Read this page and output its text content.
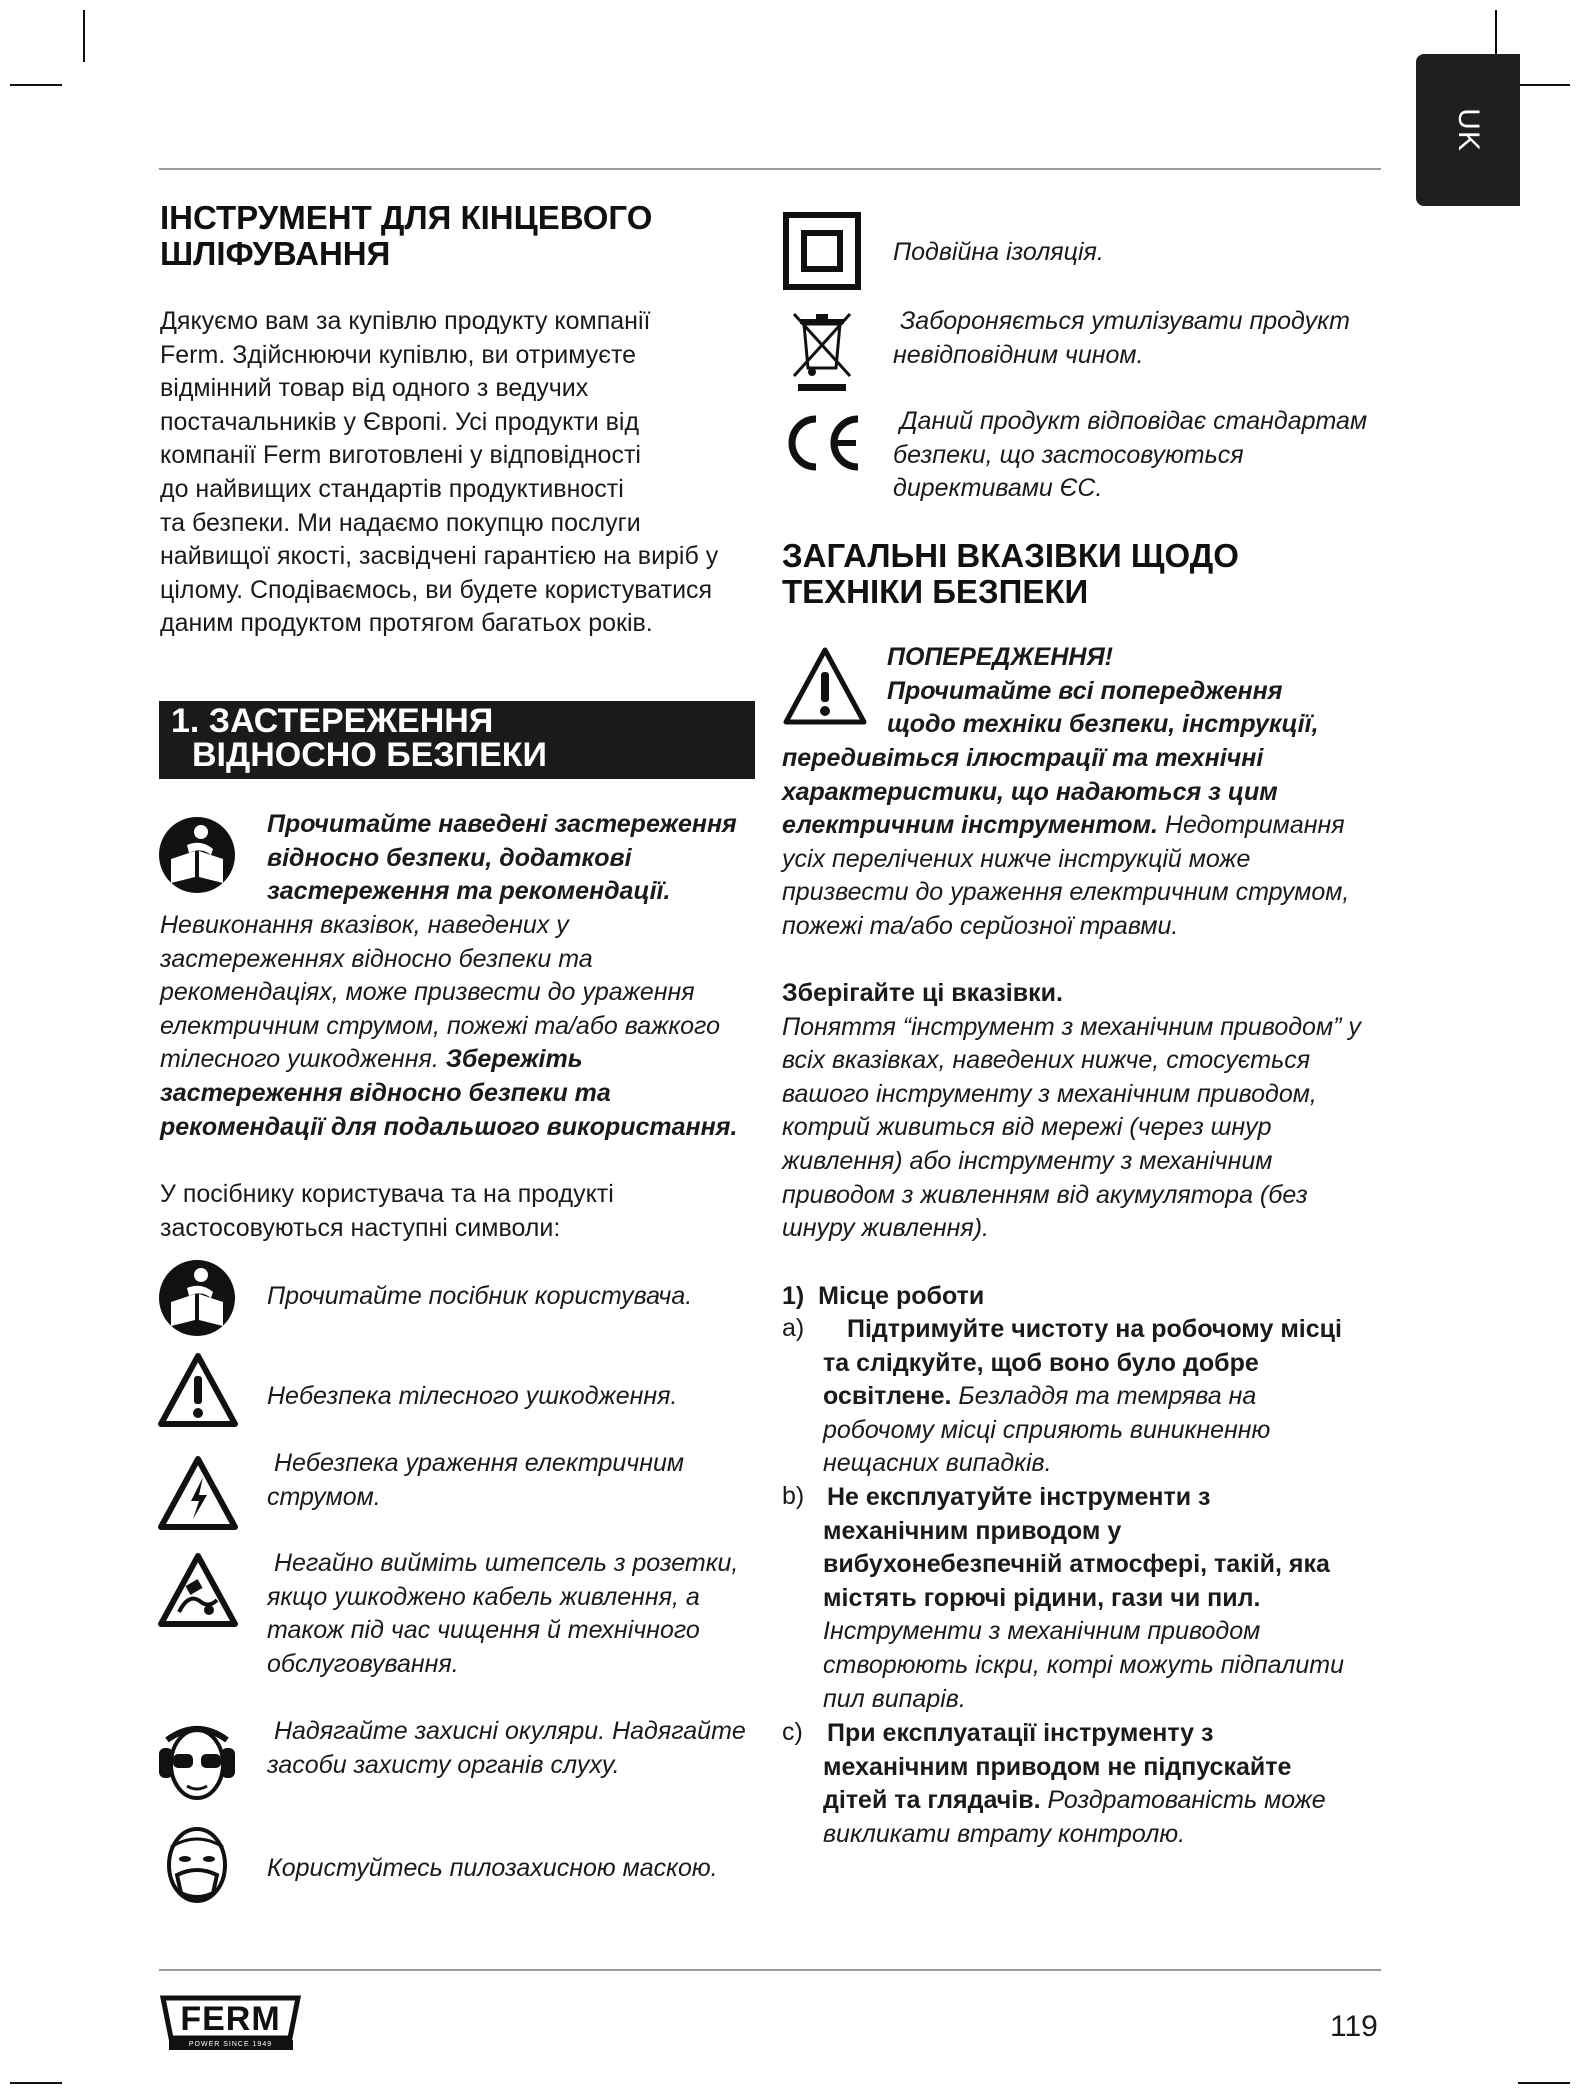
UK
ІНСТРУМЕНТ ДЛЯ КІНЦЕВОГО
ШЛІФУВАННЯ
Дякуємо вам за купівлю продукту компанії
Ferm. Здійснюючи купівлю, ви отримуєте
відмінний товар від одного з ведучих
постачальників у Європі. Усі продукти від
компанії Ferm виготовлені у відповідності
до найвищих стандартів продуктивності
та безпеки. Ми надаємо покупцю послуги
найвищої якості, засвідчені гарантією на виріб у
цілому. Сподіваємось, ви будете користуватися
даним продуктом протягом багатьох років.
1. ЗАСТЕРЕЖЕННЯ
ВІДНОСНО БЕЗПЕКИ
Прочитайте наведені застереження
відносно безпеки, додаткові
застереження та рекомендації.
Невиконання вказівок, наведених у
застереженнях відносно безпеки та
рекомендаціях, може призвести до ураження
електричним струмом, пожежі та/або важкого
тілесного ушкодження. Збережіть
застереження відносно безпеки та
рекомендації для подальшого використання.
У посібнику користувача та на продукті
застосовуються наступні символи:
Прочитайте посібник користувача.
Небезпека тілесного ушкодження.
Небезпека ураження електричним
струмом.
Негайно вийміть штепсель з розетки,
якщо ушкоджено кабель живлення, а
також під час чищення й технічного
обслуговування.
Надягайте захисні окуляри. Надягайте
засоби захисту органів слуху.
Користуйтесь пилозахисною маскою.
Подвійна ізоляція.
Забороняється утилізувати продукт
невідповідним чином.
Даний продукт відповідає стандартам
безпеки, що застосовуються
директивами ЄС.
ЗАГАЛЬНІ ВКАЗІВКИ ЩОДО
ТЕХНІКИ БЕЗПЕКИ
ПОПЕРЕДЖЕННЯ!
Прочитайте всі попередження
щодо техніки безпеки, інструкції,
передивіться ілюстрації та технічні
характеристики, що надаються з цим
електричним інструментом. Недотримання
усіх перелічених нижче інструкцій може
призвести до ураження електричним струмом,
пожежі та/або серйозної травми.
Зберігайте ці вказівки.
Поняття “інструмент з механічним приводом” у
всіх вказівках, наведених нижче, стосується
вашого інструменту з механічним приводом,
котрий живиться від мережі (через шнур
живлення) або інструменту з механічним
приводом з живленням від акумулятора (без
шнуру живлення).
1)  Місце роботи
a)	Підтримуйте чистоту на робочому місці
та слідкуйте, щоб воно було добре
освітлене. Безладдя та темрява на
робочому місці сприяють виникненню
нещасних випадків.
b) Не експлуатуйте інструменти з
механічним приводом у
вибухонебезпечній атмосфері, такій, яка
містять горючі рідини, гази чи пил.
Інструменти з механічним приводом
створюють іскри, котрі можуть підпалити
пил випарів.
c) При експлуатації інструменту з
механічним приводом не підпускайте
дітей та глядачів. Роздратованість може
викликати втрату контролю.
FERM
POWER SINCE 1949
119
